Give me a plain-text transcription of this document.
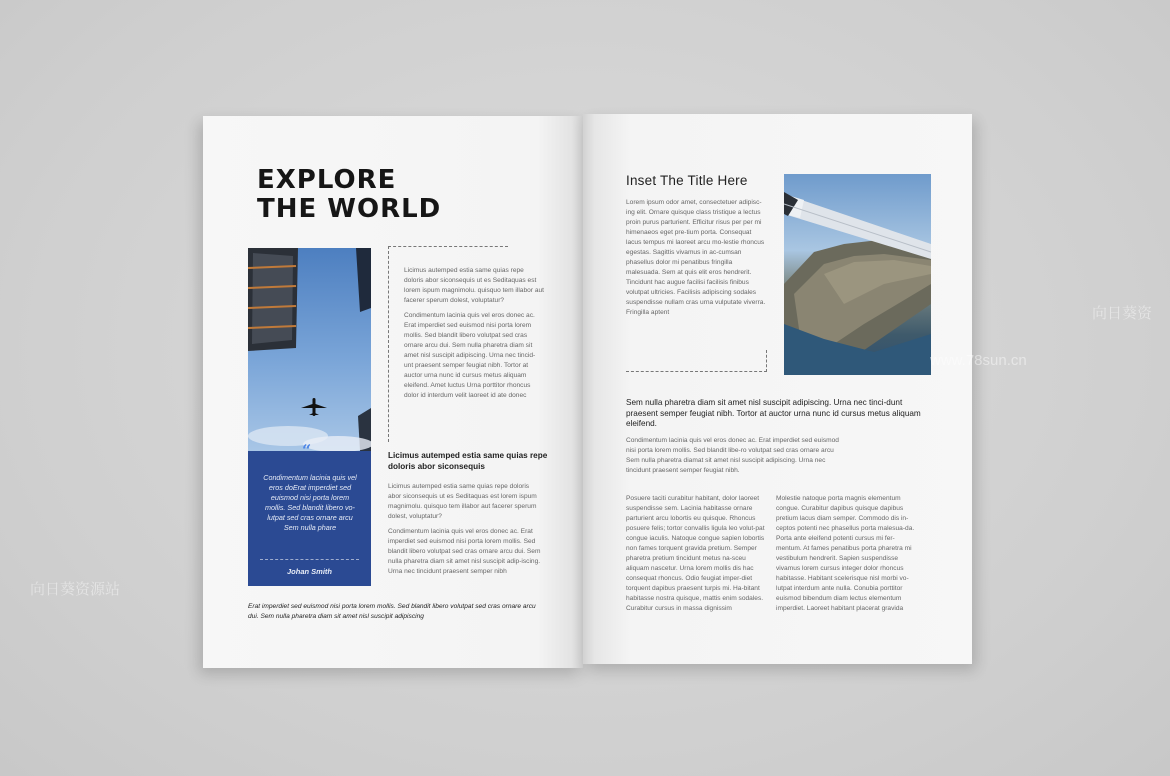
EXPLORE
THE WORLD
“
Condimentum lacinia quis vel eros doErat imperdiet sed euismod nisi porta lorem mollis. Sed blandit libero vo-lutpat sed cras ornare arcu Sem nulla phare
Johan Smith

Licimus autemped estia same quias repe doloris abor siconsequis ut es Seditaquas est lorem ispum magnimolu. quisquo tem illabor aut facerer sperum dolest, voluptatur?

Condimentum lacinia quis vel eros donec ac. Erat imperdiet sed euismod nisi porta lorem mollis. Sed blandit libero volutpat sed cras ornare arcu dui. Sem nulla pharetra diam sit amet nisl suscipit adipiscing. Urna nec tincid-unt praesent semper feugiat nibh. Tortor at auctor urna nunc id cursus metus aliquam eleifend. Amet luctus Urna porttitor rhoncus dolor id interdum velit laoreet id ate donec

Licimus autemped estia same quias repe doloris abor siconsequis

Licimus autemped estia same quias repe doloris abor siconsequis ut es Seditaquas est lorem ispum magnimolu. quisquo tem illabor aut facerer sperum dolest, voluptatur?

Condimentum lacinia quis vel eros donec ac. Erat imperdiet sed euismod nisi porta lorem mollis. Sed blandit libero volutpat sed cras ornare arcu dui. Sem nulla pharetra diam sit amet nisl suscipit adip-iscing. Urna nec tincidunt praesent semper nibh

Erat imperdiet sed euismod nisi porta lorem mollis. Sed blandit libero volutpat sed cras ornare arcu dui. Sem nulla pharetra diam sit amet nisl suscipit adipiscing
Inset The Title Here

Lorem ipsum odor amet, consectetuer adipisc-ing elit. Ornare quisque class tristique a lectus proin purus parturient. Efficitur risus per per mi himenaeos eget pre-tium porta. Consequat lacus tempus mi laoreet arcu mo-lestie rhoncus egestas. Sagittis vivamus in ac-cumsan phasellus dolor mi penatibus fringilla malesuada. Sem at quis elit eros hendrerit. Tincidunt hac augue facilisi facilisis finibus volutpat ultricies. Facilisis adipiscing sodales suspendisse nullam cras urna vulputate viverra. Fringilla aptent

Sem nulla pharetra diam sit amet nisl suscipit adipiscing. Urna nec tinci-dunt praesent semper feugiat nibh. Tortor at auctor urna nunc id cursus metus aliquam eleifend.
Condimentum lacinia quis vel eros donec ac. Erat imperdiet sed euismod nisi porta lorem mollis. Sed blandit libe-ro volutpat sed cras ornare arcu Sem nulla pharetra diamat sit amet nisl suscipit adipiscing. Urna nec tincidunt praesent semper feugiat nibh.
Posuere taciti curabitur habitant, dolor laoreet suspendisse sem. Lacinia habitasse ornare parturient arcu lobortis eu quisque. Rhoncus posuere felis; tortor convallis ligula leo volut-pat congue iaculis. Natoque congue sapien lobortis non fames torquent gravida pretium. Semper pharetra pretium tincidunt metus na-sceu aliquam nascetur. Urna lorem mollis dis hac consequat rhoncus. Odio feugiat imper-diet torquent dapibus praesent turpis mi. Ha-bitant habitasse nostra quisque, mattis enim sodales. Curabitur cursus in massa dignissim
Molestie natoque porta magnis elementum congue. Curabitur dapibus quisque dapibus pretium lacus diam semper. Commodo dis in-ceptos potenti nec phasellus porta malesua-da. Porta ante eleifend potenti cursus mi fer-mentum. At fames penatibus porta pharetra mi vestibulum hendrerit. Sapien suspendisse vivamus lorem cursus integer dolor rhoncus habitasse. Habitant scelerisque nisl morbi vo-lutpat interdum ante nulla. Conubia porttitor euismod bibendum diam lectus elementum imperdiet. Laoreet habitant placerat gravida
向日葵资源站
www.78sun.cn
向日葵资
